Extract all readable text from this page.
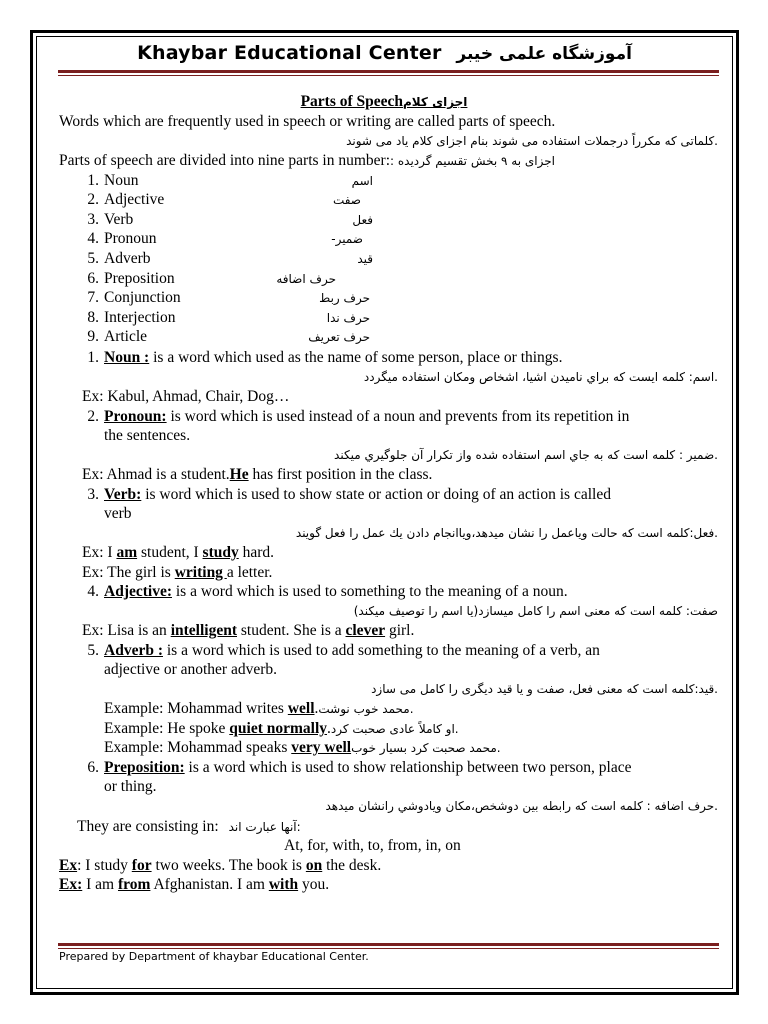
Khaybar Educational Center آموزشگاه علمی خیبر
Parts of Speechاجزای کلام
Words which are frequently used in speech or writing are called parts of speech.
.کلماتی که مکرراً درجملات استفاده می شوند بنام اجزای کلام یاد می شوند
Parts of speech are divided into nine parts in number:اجزای به ۹ بخش تقسیم گردیده :
1. Noun	اسم
2. Adjective	صفت
3. Verb	فعل
4. Pronoun	ضمیر-
5. Adverb	قید
6. Preposition	حرف اضافه
7. Conjunction	حرف ربط
8. Interjection	حرف ندا
9. Article	حرف تعریف
1. Noun : is a word which used as the name of some person, place or things.
.اسم: کلمه ایست که براي نامیدن اشیا، اشخاص ومکان استفاده میگردد
Ex: Kabul, Ahmad, Chair, Dog…
2. Pronoun: is word which is used instead of a noun and prevents from its repetition in
the sentences.
.ضمیر : کلمه است که به جاي اسم استفاده شده واز تکرار آن جلوگیري میکند
Ex: Ahmad is a student.He has first position in the class.
3. Verb: is word which is used to show state or action or doing of an action is called
verb
.فعل:کلمه است که حالت ویاعمل را نشان میدهد،ویاانجام دادن یك عمل را فعل گویند
Ex: I am student, I study hard.
Ex: The girl is writing a letter.
4. Adjective: is a word which is used to something to the meaning of a noun.
صفت: کلمه است که معنی اسم را کامل میسازد(یا اسم را توصیف میکند)
Ex: Lisa is an intelligent student. She is a clever girl.
5. Adverb : is a word which is used to add something to the meaning of a verb, an
adjective or another adverb.
.قید:کلمه است که معنی فعل، صفت و یا قید دیگری را کامل می سازد
Example: Mohammad writes well..محمد خوب نوشت
Example: He spoke quiet normally..او کاملاً عادی صحبت کرد
Example: Mohammad speaks very well.محمد صحبت کرد بسیار خوب
6. Preposition: is a word which is used to show relationship between two person, place
or thing.
.حرف اضافه : کلمه است که رابطه بین دوشخص،مکان ویادوشي رانشان میدهد
They are consisting in: :آنها عبارت اند
At, for, with, to, from, in, on
Ex: I study for two weeks. The book is on the desk.
Ex: I am from Afghanistan. I am with you.
Prepared by Department of khaybar Educational Center.
